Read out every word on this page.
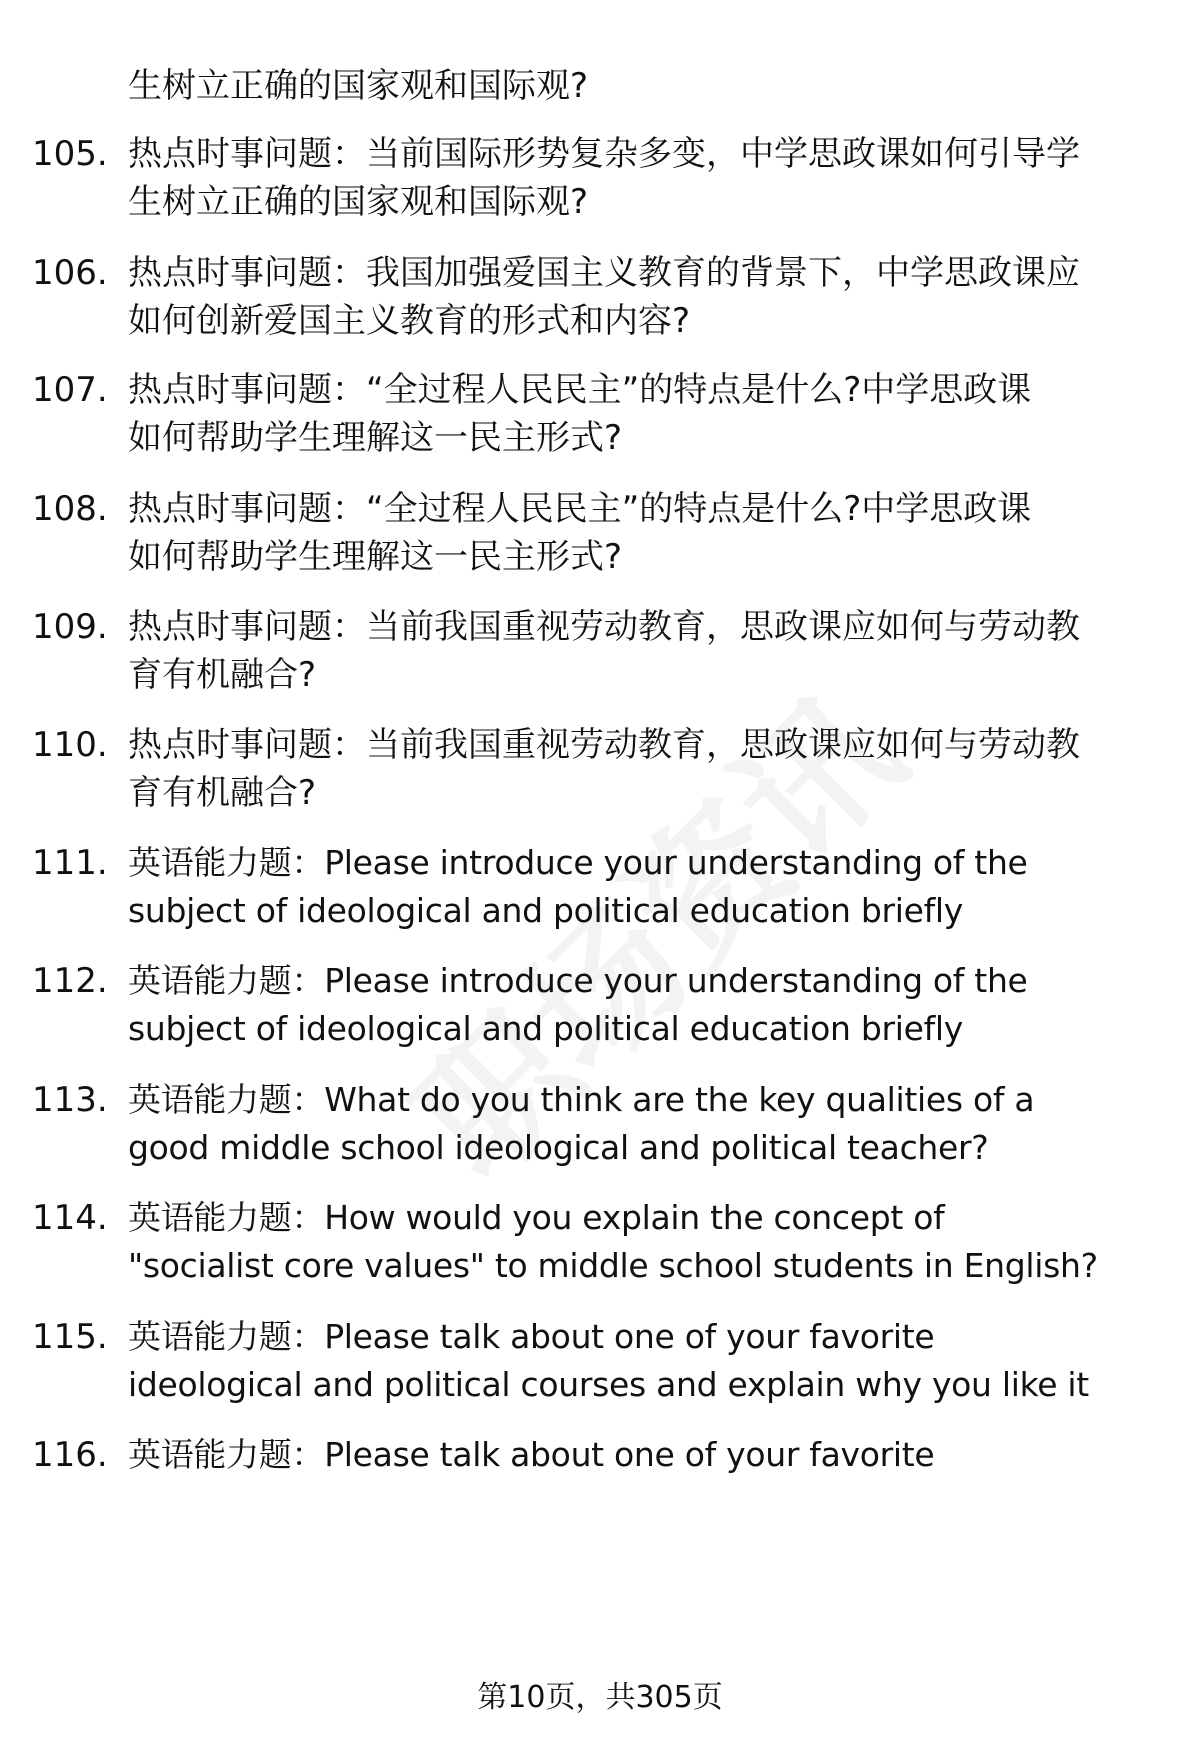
生树立正确的国家观和国际观?
105. 热点时事问题：当前国际形势复杂多变，中学思政课如何引导学
生树立正确的国家观和国际观?
106. 热点时事问题：我国加强爱国主义教育的背景下，中学思政课应
如何创新爱国主义教育的形式和内容?
107. 热点时事问题：“全过程人民民主”的特点是什么?中学思政课
如何帮助学生理解这一民主形式?
108. 热点时事问题：“全过程人民民主”的特点是什么?中学思政课
如何帮助学生理解这一民主形式?
109. 热点时事问题：当前我国重视劳动教育，思政课应如何与劳动教
育有机融合?
110. 热点时事问题：当前我国重视劳动教育，思政课应如何与劳动教
育有机融合?
111. 英语能力题：Please introduce your understanding of the
subject of ideological and political education briefly
112. 英语能力题：Please introduce your understanding of the
subject of ideological and political education briefly
113. 英语能力题：What do you think are the key qualities of a
good middle school ideological and political teacher?
114. 英语能力题：How would you explain the concept of
"socialist core values" to middle school students in English?
115. 英语能力题：Please talk about one of your favorite
ideological and political courses and explain why you like it
116. 英语能力题：Please talk about one of your favorite
第10页，共305页
